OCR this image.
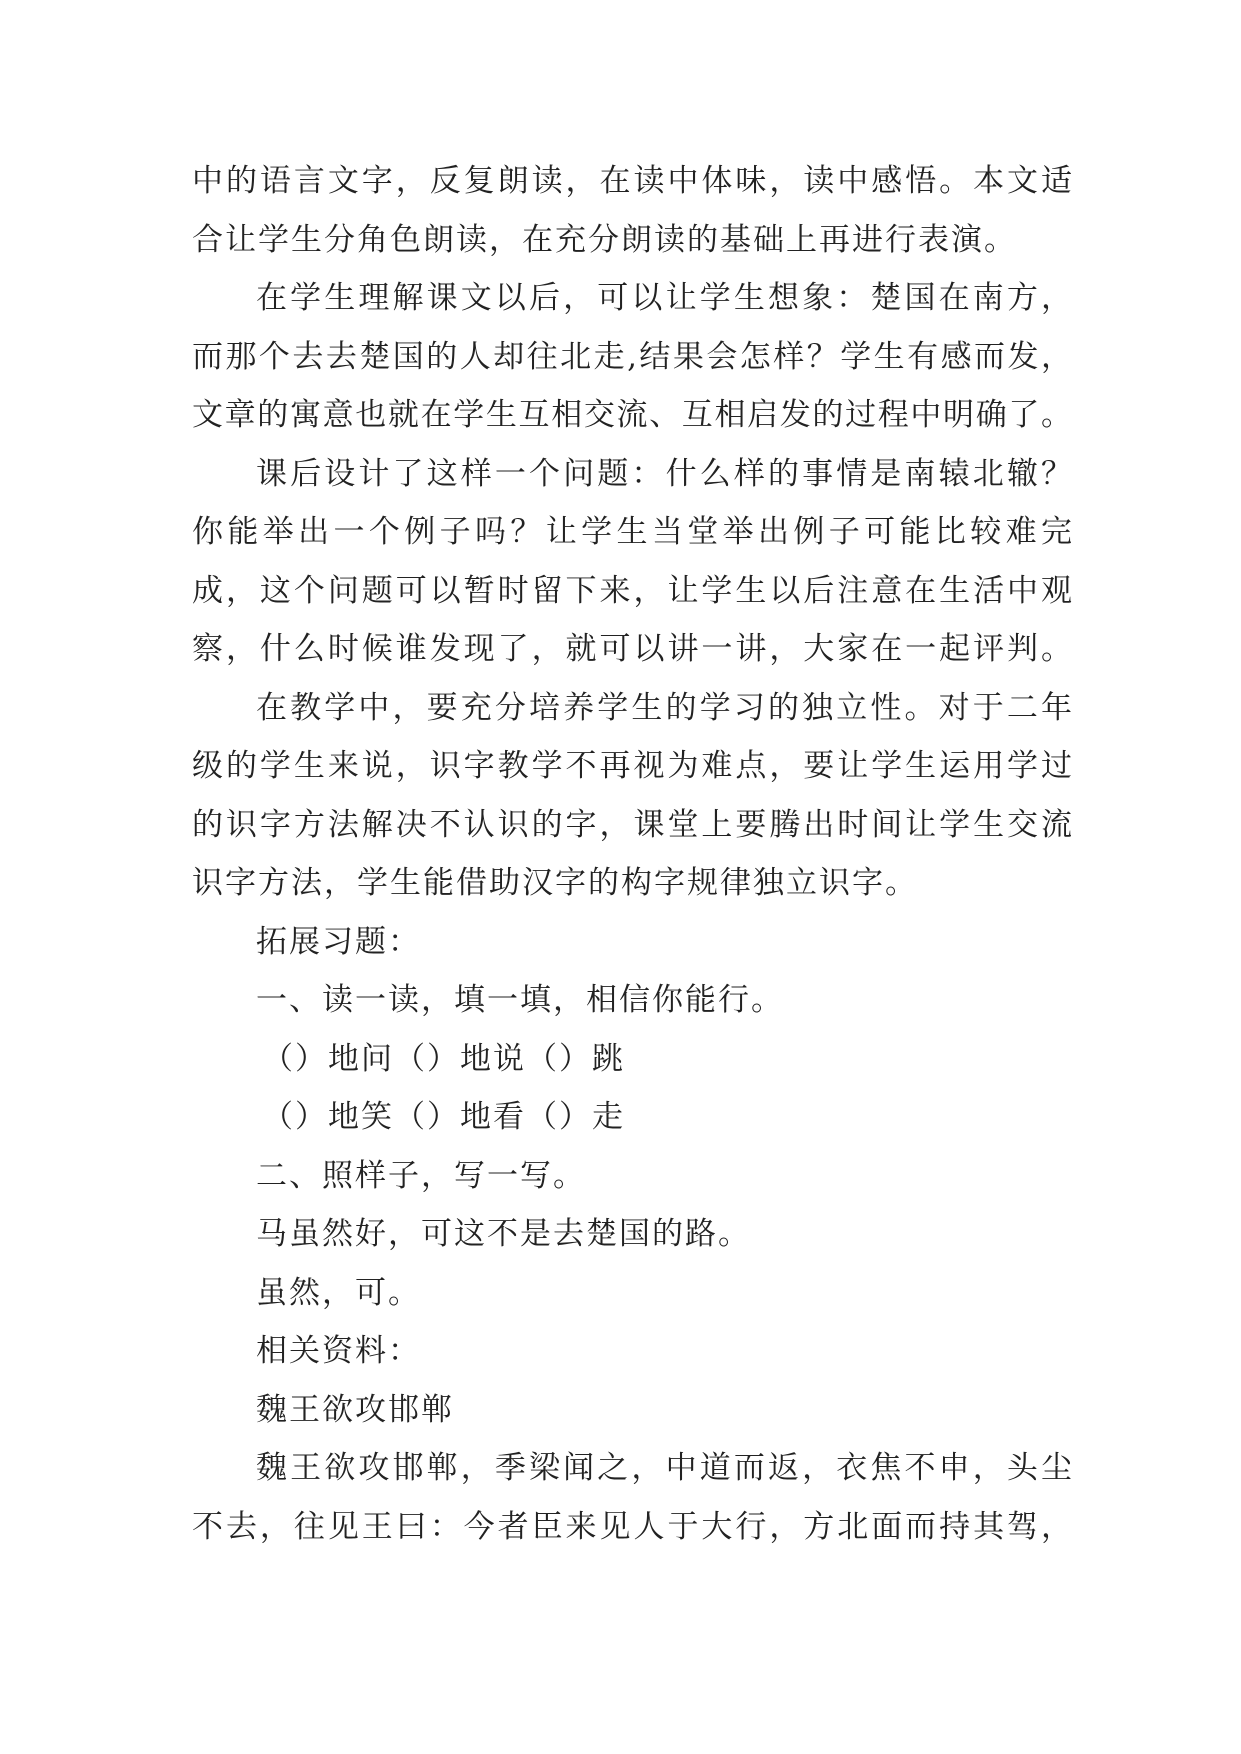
中的语言文字，反复朗读，在读中体味，读中感悟。本文适
合让学生分角色朗读，在充分朗读的基础上再进行表演。
在学生理解课文以后，可以让学生想象：楚国在南方，
而那个去去楚国的人却往北走,结果会怎样？学生有感而发，
文章的寓意也就在学生互相交流、互相启发的过程中明确了。
课后设计了这样一个问题：什么样的事情是南辕北辙？
你能举出一个例子吗？让学生当堂举出例子可能比较难完
成，这个问题可以暂时留下来，让学生以后注意在生活中观
察，什么时候谁发现了，就可以讲一讲，大家在一起评判。
在教学中，要充分培养学生的学习的独立性。对于二年
级的学生来说，识字教学不再视为难点，要让学生运用学过
的识字方法解决不认识的字，课堂上要腾出时间让学生交流
识字方法，学生能借助汉字的构字规律独立识字。
拓展习题：
一、读一读，填一填，相信你能行。
（）地问（）地说（）跳
（）地笑（）地看（）走
二、照样子，写一写。
马虽然好，可这不是去楚国的路。
虽然，可。
相关资料：
魏王欲攻邯郸
魏王欲攻邯郸，季梁闻之，中道而返，衣焦不申，头尘
不去，往见王曰：今者臣来见人于大行，方北面而持其驾，
